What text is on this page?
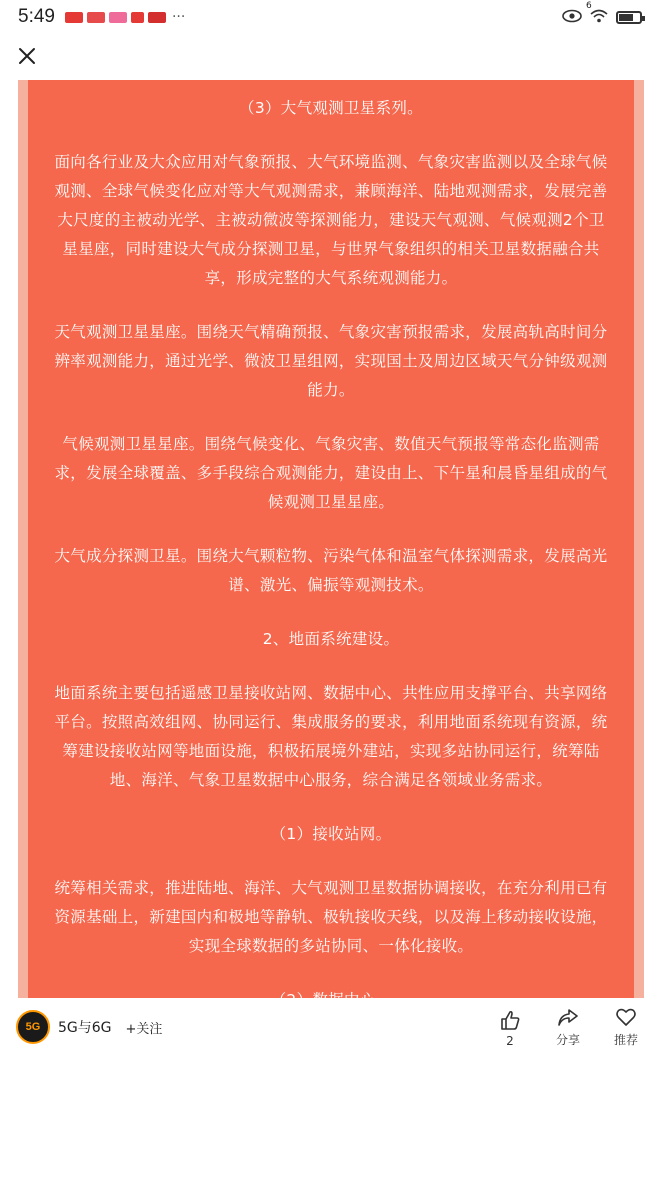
5:49	···
6

（3）大气观测卫星系列。

面向各行业及大众应用对气象预报、大气环境监测、气象灾害监测以及全球气候观测、全球气候变化应对等大气观测需求，兼顾海洋、陆地观测需求，发展完善大尺度的主被动光学、主被动微波等探测能力，建设天气观测、气候观测2个卫星星座，同时建设大气成分探测卫星，与世界气象组织的相关卫星数据融合共享，形成完整的大气系统观测能力。

天气观测卫星星座。围绕天气精确预报、气象灾害预报需求，发展高轨高时间分辨率观测能力，通过光学、微波卫星组网，实现国土及周边区域天气分钟级观测能力。

气候观测卫星星座。围绕气候变化、气象灾害、数值天气预报等常态化监测需求，发展全球覆盖、多手段综合观测能力，建设由上、下午星和晨昏星组成的气候观测卫星星座。

大气成分探测卫星。围绕大气颗粒物、污染气体和温室气体探测需求，发展高光谱、激光、偏振等观测技术。

2、地面系统建设。

地面系统主要包括遥感卫星接收站网、数据中心、共性应用支撑平台、共享网络平台。按照高效组网、协同运行、集成服务的要求，利用地面系统现有资源，统筹建设接收站网等地面设施，积极拓展境外建站，实现多站协同运行，统筹陆地、海洋、气象卫星数据中心服务，综合满足各领域业务需求。

（1）接收站网。

统筹相关需求，推进陆地、海洋、大气观测卫星数据协调接收，在充分利用已有资源基础上，新建国内和极地等静轨、极轨接收天线，以及海上移动接收设施，实现全球数据的多站协同、一体化接收。

的基础设施，实现陆地、海洋、气象卫星数据中心的相互支持、互为补充、互为备份，推进卫星、数据、计算资源的高效利用和共享。

（3）共性应用支撑平台。

5G 5G与6G +关注
2	分享	推荐
